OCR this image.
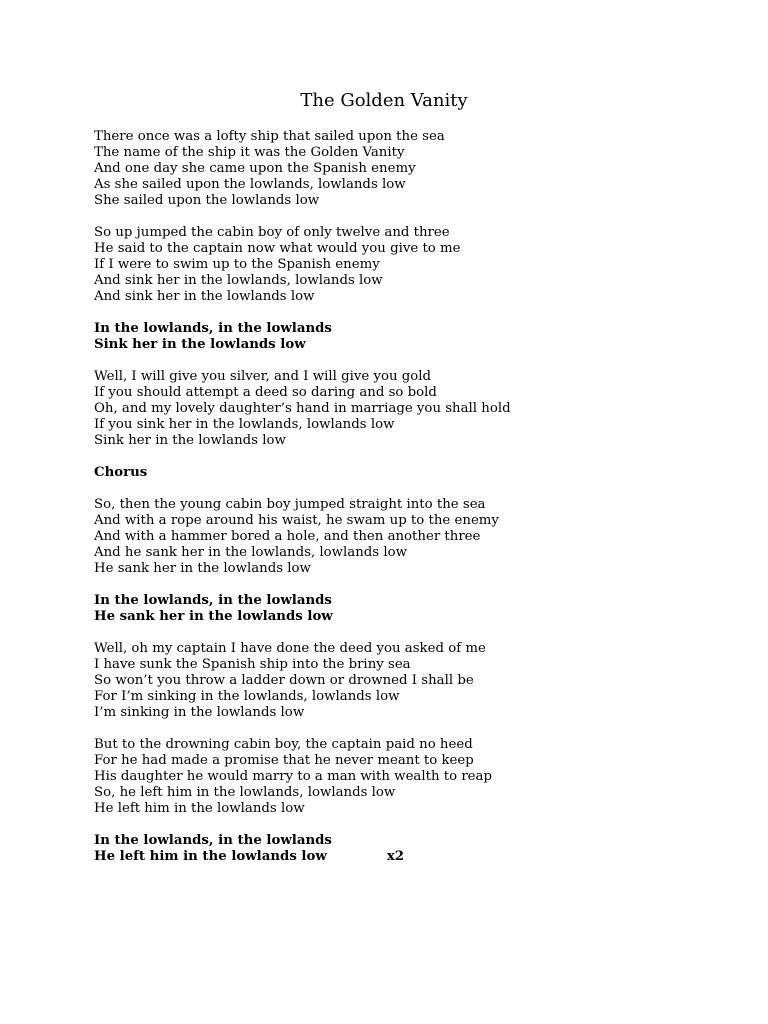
The Golden Vanity
There once was a lofty ship that sailed upon the sea
The name of the ship it was the Golden Vanity
And one day she came upon the Spanish enemy
As she sailed upon the lowlands, lowlands low
She sailed upon the lowlands low
So up jumped the cabin boy of only twelve and three
He said to the captain now what would you give to me
If I were to swim up to the Spanish enemy
And sink her in the lowlands, lowlands low
And sink her in the lowlands low
In the lowlands, in the lowlands
Sink her in the lowlands low
Well, I will give you silver, and I will give you gold
If you should attempt a deed so daring and so bold
Oh, and my lovely daughter’s hand in marriage you shall hold
If you sink her in the lowlands, lowlands low
Sink her in the lowlands low
Chorus
So, then the young cabin boy jumped straight into the sea
And with a rope around his waist, he swam up to the enemy
And with a hammer bored a hole, and then another three
And he sank her in the lowlands, lowlands low
He sank her in the lowlands low
In the lowlands, in the lowlands
He sank her in the lowlands low
Well, oh my captain I have done the deed you asked of me
I have sunk the Spanish ship into the briny sea
So won’t you throw a ladder down or drowned I shall be
For I’m sinking in the lowlands, lowlands low
I’m sinking in the lowlands low
But to the drowning cabin boy, the captain paid no heed
For he had made a promise that he never meant to keep
His daughter he would marry to a man with wealth to reap
So, he left him in the lowlands, lowlands low
He left him in the lowlands low
In the lowlands, in the lowlands
He left him in the lowlands low	x2
